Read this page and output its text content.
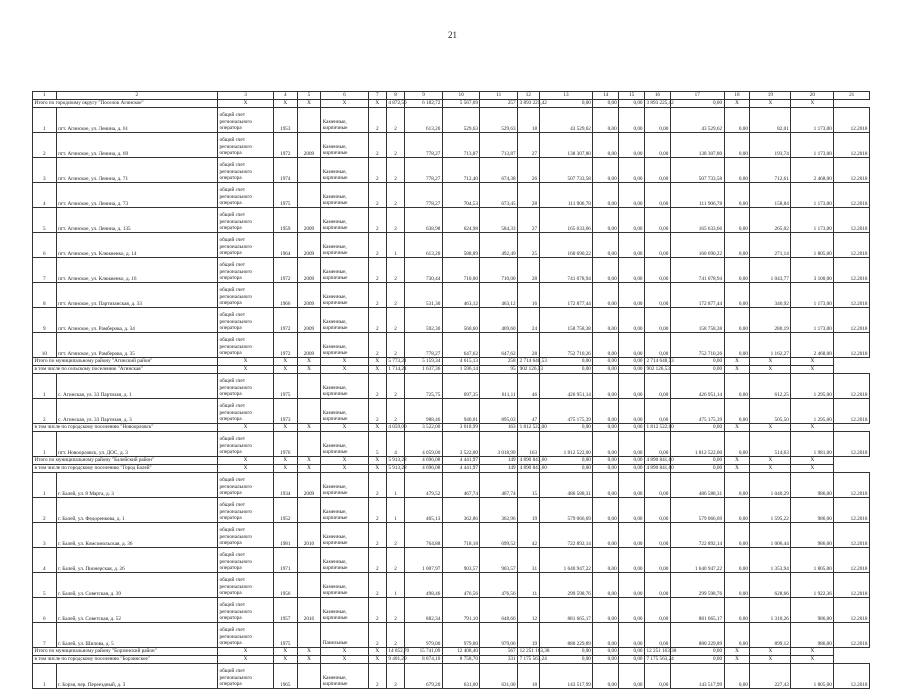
21
1	2	3	4	5	6	7	8	9	10	11	12	13	14	15	16	17	18	19	20	21
Итого по городскому округу "Поселок Агинское"		X	X	X	X	X	4 872,50	6 182,72	5 567,69	257	3 893 225,42	0,00	0,00	0,00	3 893 225,42	0,00	X	X	X	
1	пгт. Агинское, ул. Ленина, д. 61	общий счет регионального оператора	1953		Каменные, кирпичные	2	2	613,20	529,63	529,63	18	43 529,62	0,00	0,00	0,00	43 529,62	0,00	82,01	1 173,00	12.2018
2	пгт. Агинское, ул. Ленина, д. 69	общий счет регионального оператора	1972	2009	Каменные, кирпичные	2	2	778,27	713,87	713,87	27	138 307,80	0,00	0,00	0,00	138 307,80	0,00	193,74	1 173,00	12.2018
3	пгт. Агинское, ул. Ленина, д. 71	общий счет регионального оператора	1974		Каменные, кирпичные	2	2	778,27	712,40	674,38	26	507 733,58	0,00	0,00	0,00	507 733,58	0,00	712,61	2 468,00	12.2018
4	пгт. Агинское, ул. Ленина, д. 73	общий счет регионального оператора	1975		Каменные, кирпичные	2	2	778,27	704,53	673,45	28	111 906,78	0,00	0,00	0,00	111 906,78	0,00	158,84	1 173,00	12.2018
5	пгт. Агинское, ул. Ленина, д. 135	общий счет регионального оператора	1959	2009	Каменные, кирпичные	2	2	638,98	624,98	584,33	27	165 633,66	0,00	0,00	0,00	165 633,66	0,00	265,02	1 173,00	12.2018
6	пгт. Агинское, ул. Клюквенко, д. 14	общий счет регионального оператора	1964	2009	Каменные, кирпичные	2	1	613,20	588,89	492,49	25	160 690,22	0,00	0,00	0,00	160 690,22	0,00	271,14	1 805,00	12.2018
7	пгт. Агинское, ул. Клюквенко, д. 16	общий счет регионального оператора	1972	2009	Каменные, кирпичные	2	2	730,44	710,00	710,00	28	741 078,94	0,00	0,00	0,00	741 078,94	0,00	1 043,77	3 100,00	12.2018
8	пгт. Агинское, ул. Партизанская, д. 33	общий счет регионального оператора	1966	2009	Каменные, кирпичные	2	2	531,30	463,12	463,12	16	172 877,44	0,00	0,00	0,00	172 877,44	0,00	346,92	1 173,00	12.2018
9	пгт. Агинское, ул. Рамберова, д. 34	общий счет регионального оператора	1972	2009	Каменные, кирпичные	2	2	592,30	560,60	469,60	24	158 758,38	0,00	0,00	0,00	158 758,38	0,00	280,19	1 173,00	12.2018
10	пгт. Агинское, ул. Рамберова, д. 35	общий счет регионального оператора	1972	2009	Каменные, кирпичные	2	2	778,27	647,62	647,62	28	752 710,26	0,00	0,00	0,00	752 710,26	0,00	1 162,27	2 468,00	12.2018
Итого по муниципальному району "Агинский район"		X	X	X	X	X	5 773,21	5 159,34	4 615,13	258	2 714 648,53	0,00	0,00	0,00	2 714 648,53	0,00	X	X	X	
в том числе по сельскому поселению "Агинская"		X	X	X	X	X	1 714,21	1 637,36	1 596,14	95	902 126,53	0,00	0,00	0,00	902 126,53	0,00	X	X	X	
1	с. Агинская, ул. 33 Партизан, д. 1	общий счет регионального оператора	1975		Каменные, кирпичные	2	2	725,75	697,35	611,11	46	426 951,14	0,00	0,00	0,00	426 951,14	0,00	612,25	1 295,00	12.2018
2	с. Агинская, ул. 33 Партизан, д. 3	общий счет регионального оператора	1973		Каменные, кирпичные	2	2	988,46	940,01	895,03	47	475 175,39	0,00	0,00	0,00	475 175,39	0,00	505,50	1 295,00	12.2018
в том числе по городскому поселению "Новоорловск"		X	X	X	X	X	4 059,00	3 522,00	3 018,99	163	1 812 522,00	0,00	0,00	0,00	1 812 522,00	0,00	X	X	X	
1	пгт. Новоорловск, ул. ДОС, д. 3	общий счет регионального оператора	1976		Каменные, кирпичные	5	4	4 059,00	3 522,00	3 018,99	163	1 812 522,00	0,00	0,00	0,00	1 812 522,00	0,00	514,63	1 981,00	12.2018
Итого по муниципальному району "Балейский район"		X	X	X	X	X	5 913,28	4 696,08	4 441,97	149	4 890 841,60	0,00	0,00	0,00	4 890 841,60	0,00	X	X	X	
в том числе по городскому поселению "Город Балей"		X	X	X	X	X	5 913,28	4 696,08	4 441,97	149	4 890 841,60	0,00	0,00	0,00	4 890 841,60	0,00	X	X	X	
1	г. Балей, ул. 8 Марта, д. 3	общий счет регионального оператора	1934	2009	Каменные, кирпичные	2	1	479,52	467,74	467,74	15	486 588,31	0,00	0,00	0,00	486 588,31	0,00	1 040,29	986,00	12.2018
2	г. Балей, ул. Федоренкова, д. 1	общий счет регионального оператора	1952		Каменные, кирпичные	2	1	405,13	362,86	362,96	19	579 066,69	0,00	0,00	0,00	579 066,69	0,00	1 595,22	986,00	12.2018
3	г. Балей, ул. Комсомольская, д. 36	общий счет регионального оператора	1981	2010	Каменные, кирпичные	2	2	764,88	718,18	699,52	42	722 892,14	0,00	0,00	0,00	722 892,14	0,00	1 006,44	986,00	12.2018
4	г. Балей, ул. Пионерская, д. 26	общий счет регионального оператора	1971		Каменные, кирпичные	2	2	1 007,97	903,57	903,57	31	1 640 947,22	0,00	0,00	0,00	1 640 947,22	0,00	1 353,94	1 805,00	12.2018
5	г. Балей, ул. Советская, д. 39	общий счет регионального оператора	1956		Каменные, кирпичные	2	1	498,46	476,56	476,56	11	299 598,76	0,00	0,00	0,00	299 598,76	0,00	628,66	1 922,36	12.2018
6	г. Балей, ул. Советская, д. 52	общий счет регионального оператора	1957	2016	Каменные, кирпичные	2	2	882,34	791,10	648,66	12	881 665,17	0,00	0,00	0,00	881 665,17	0,00	1 310,26	986,00	12.2018
7	г. Балей, ул. Шилова, д. 5	общий счет регионального оператора	1975		Панельные	2	2	979,00	979,00	979,00	19	880 229,89	0,00	0,00	0,00	880 229,89	0,00	899,12	986,00	12.2018
Итого по муниципальному району "Борзинский район"		X	X	X	X	X	14 052,70	15 741,09	12 408,40	567	12 251 163,38	0,00	0,00	0,00	12 251 163,38	0,00	X	X	X	
в том числе по городскому поселению "Борзинское"		X	X	X	X	X	9 401,20	8 874,10	8 758,70	331	7 175 563,24	0,00	0,00	0,00	7 175 563,24	0,00	X	X	X	
1	г. Борзя, пер. Переездный, д. 3	общий счет регионального оператора	1965		Каменные, кирпичные	2	2	679,20	631,00	631,00	18	143 517,99	0,00	0,00	0,00	143 517,99	0,00	227,43	1 805,00	12.2018
